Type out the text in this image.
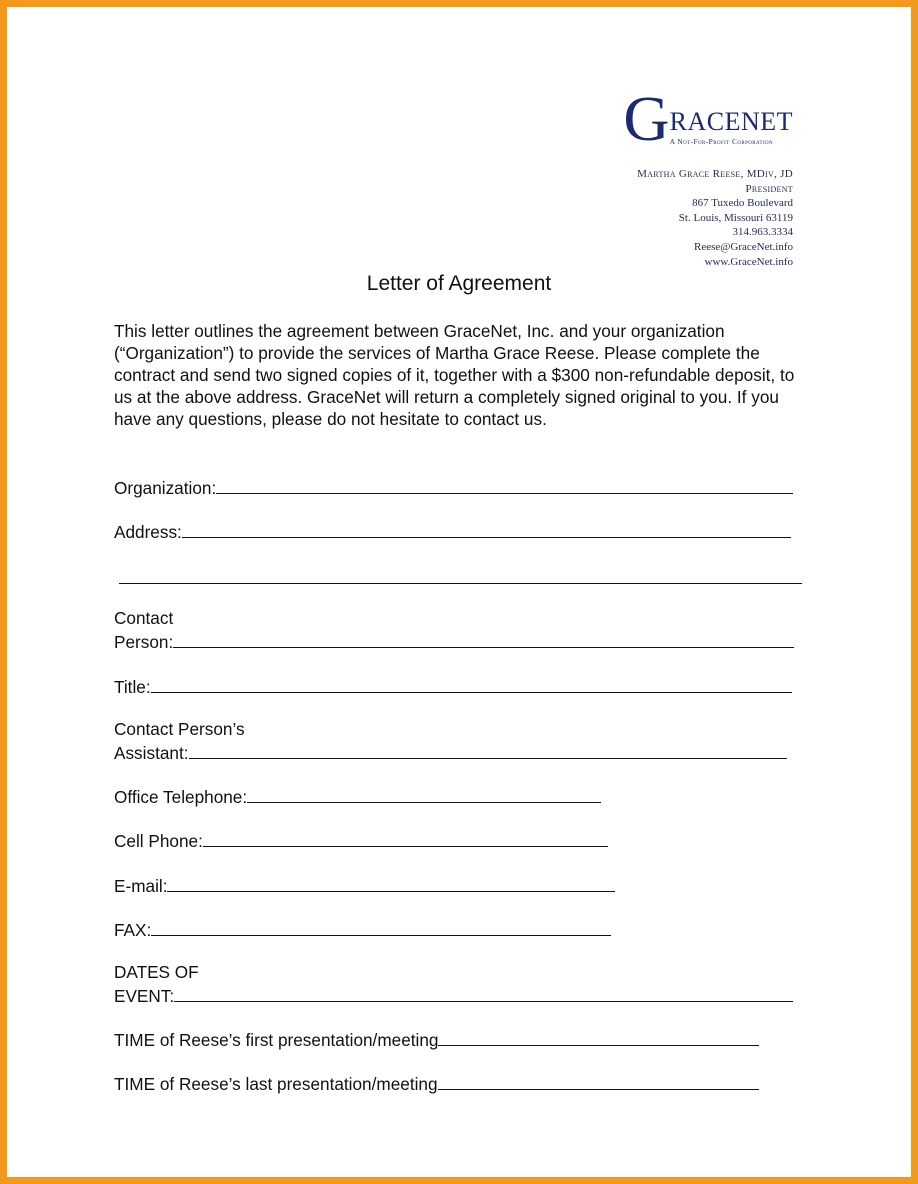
G RACENET
A Not-For-Profit Corporation
Martha Grace Reese, MDiv, JD
President
867 Tuxedo Boulevard
St. Louis, Missouri 63119
314.963.3334
Reese@GraceNet.info
www.GraceNet.info
Letter of Agreement
This letter outlines the agreement between GraceNet, Inc. and your organization (“Organization”) to provide the services of Martha Grace Reese. Please complete the contract and send two signed copies of it, together with a $300 non-refundable deposit, to us at the above address. GraceNet will return a completely signed original to you. If you have any questions, please do not hesitate to contact us.
Organization:
Address:
Contact
Person:
Title:
Contact Person’s
Assistant:
Office Telephone:
Cell Phone:
E-mail:
FAX:
DATES OF
EVENT:
TIME of Reese’s first presentation/meeting
TIME of Reese’s last presentation/meeting
